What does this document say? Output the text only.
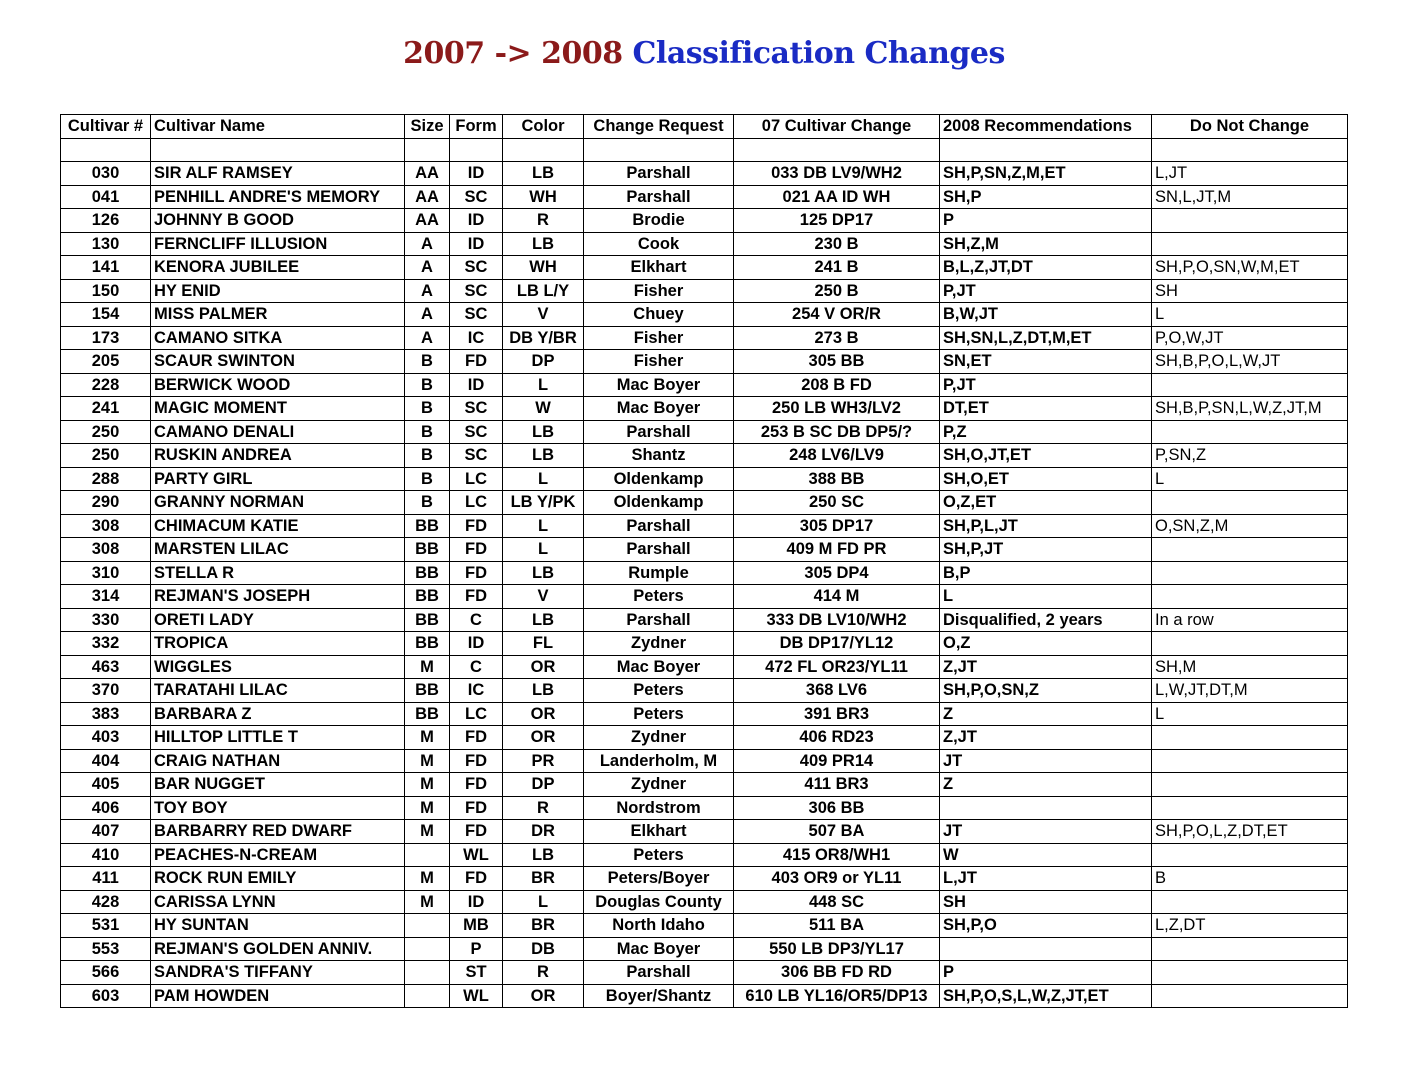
2007 -> 2008 Classification Changes
Cultivar #	Cultivar Name	Size	Form	Color	Change Request	07 Cultivar Change	2008 Recommendations	Do Not Change

030	SIR ALF RAMSEY	AA	ID	LB	Parshall	033 DB LV9/WH2	SH,P,SN,Z,M,ET	L,JT
041	PENHILL ANDRE'S MEMORY	AA	SC	WH	Parshall	021 AA ID WH	SH,P	SN,L,JT,M
126	JOHNNY B GOOD	AA	ID	R	Brodie	125 DP17	P	
130	FERNCLIFF ILLUSION	A	ID	LB	Cook	230 B	SH,Z,M	
141	KENORA JUBILEE	A	SC	WH	Elkhart	241 B	B,L,Z,JT,DT	SH,P,O,SN,W,M,ET
150	HY ENID	A	SC	LB L/Y	Fisher	250 B	P,JT	SH
154	MISS PALMER	A	SC	V	Chuey	254 V OR/R	B,W,JT	L
173	CAMANO SITKA	A	IC	DB Y/BR	Fisher	273 B	SH,SN,L,Z,DT,M,ET	P,O,W,JT
205	SCAUR SWINTON	B	FD	DP	Fisher	305 BB	SN,ET	SH,B,P,O,L,W,JT
228	BERWICK WOOD	B	ID	L	Mac Boyer	208 B FD	P,JT	
241	MAGIC MOMENT	B	SC	W	Mac Boyer	250 LB WH3/LV2	DT,ET	SH,B,P,SN,L,W,Z,JT,M
250	CAMANO DENALI	B	SC	LB	Parshall	253 B SC DB DP5/?	P,Z	
250	RUSKIN ANDREA	B	SC	LB	Shantz	248 LV6/LV9	SH,O,JT,ET	P,SN,Z
288	PARTY GIRL	B	LC	L	Oldenkamp	388 BB	SH,O,ET	L
290	GRANNY NORMAN	B	LC	LB Y/PK	Oldenkamp	250 SC	O,Z,ET	
308	CHIMACUM KATIE	BB	FD	L	Parshall	305 DP17	SH,P,L,JT	O,SN,Z,M
308	MARSTEN LILAC	BB	FD	L	Parshall	409 M FD PR	SH,P,JT	
310	STELLA R	BB	FD	LB	Rumple	305 DP4	B,P	
314	REJMAN'S JOSEPH	BB	FD	V	Peters	414 M	L	
330	ORETI LADY	BB	C	LB	Parshall	333 DB LV10/WH2	Disqualified, 2 years	In a row
332	TROPICA	BB	ID	FL	Zydner	DB DP17/YL12	O,Z	
463	WIGGLES	M	C	OR	Mac Boyer	472 FL OR23/YL11	Z,JT	SH,M
370	TARATAHI LILAC	BB	IC	LB	Peters	368 LV6	SH,P,O,SN,Z	L,W,JT,DT,M
383	BARBARA Z	BB	LC	OR	Peters	391 BR3	Z	L
403	HILLTOP LITTLE T	M	FD	OR	Zydner	406 RD23	Z,JT	
404	CRAIG NATHAN	M	FD	PR	Landerholm, M	409 PR14	JT	
405	BAR NUGGET	M	FD	DP	Zydner	411 BR3	Z	
406	TOY BOY	M	FD	R	Nordstrom	306 BB		
407	BARBARRY RED DWARF	M	FD	DR	Elkhart	507 BA	JT	SH,P,O,L,Z,DT,ET
410	PEACHES-N-CREAM		WL	LB	Peters	415 OR8/WH1	W	
411	ROCK RUN EMILY	M	FD	BR	Peters/Boyer	403 OR9 or YL11	L,JT	B
428	CARISSA LYNN	M	ID	L	Douglas County	448 SC	SH	
531	HY SUNTAN		MB	BR	North Idaho	511 BA	SH,P,O	L,Z,DT
553	REJMAN'S GOLDEN ANNIV.		P	DB	Mac Boyer	550 LB DP3/YL17		
566	SANDRA'S TIFFANY		ST	R	Parshall	306 BB FD RD	P	
603	PAM HOWDEN		WL	OR	Boyer/Shantz	610 LB YL16/OR5/DP13	SH,P,O,S,L,W,Z,JT,ET	
